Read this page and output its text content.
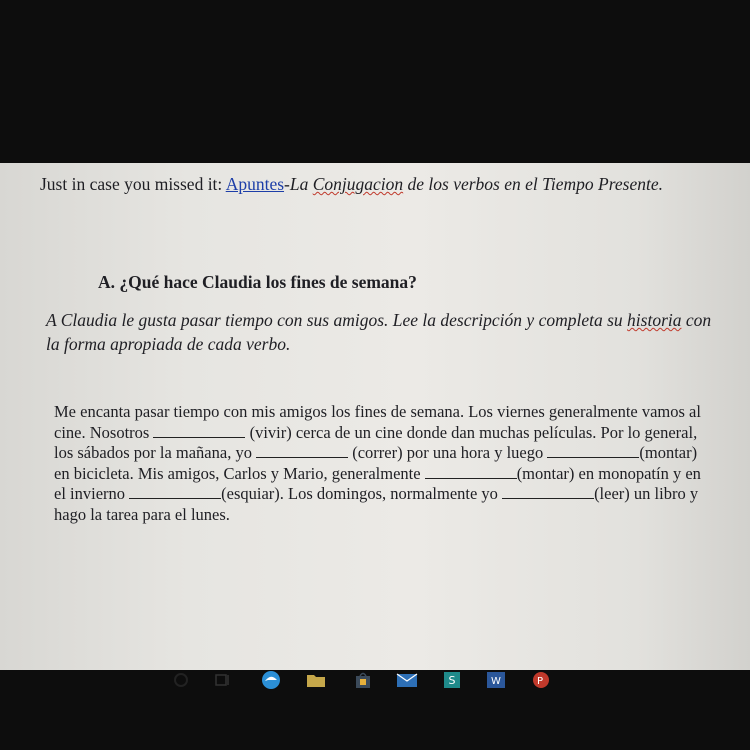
Just in case you missed it: Apuntes-La Conjugacion de los verbos en el Tiempo Presente.
A. ¿Qué hace Claudia los fines de semana?
A Claudia le gusta pasar tiempo con sus amigos. Lee la descripción y completa su historia con la forma apropiada de cada verbo.
Me encanta pasar tiempo con mis amigos los fines de semana. Los viernes generalmente vamos al cine. Nosotros	(vivir) cerca de un cine donde dan muchas películas. Por lo general, los sábados por la mañana, yo	(correr) por una hora y luego	(montar) en bicicleta. Mis amigos, Carlos y Mario, generalmente	(montar) en monopatín y en el invierno	(esquiar). Los domingos, normalmente yo	(leer) un libro y hago la tarea para el lunes.
S	W	P
